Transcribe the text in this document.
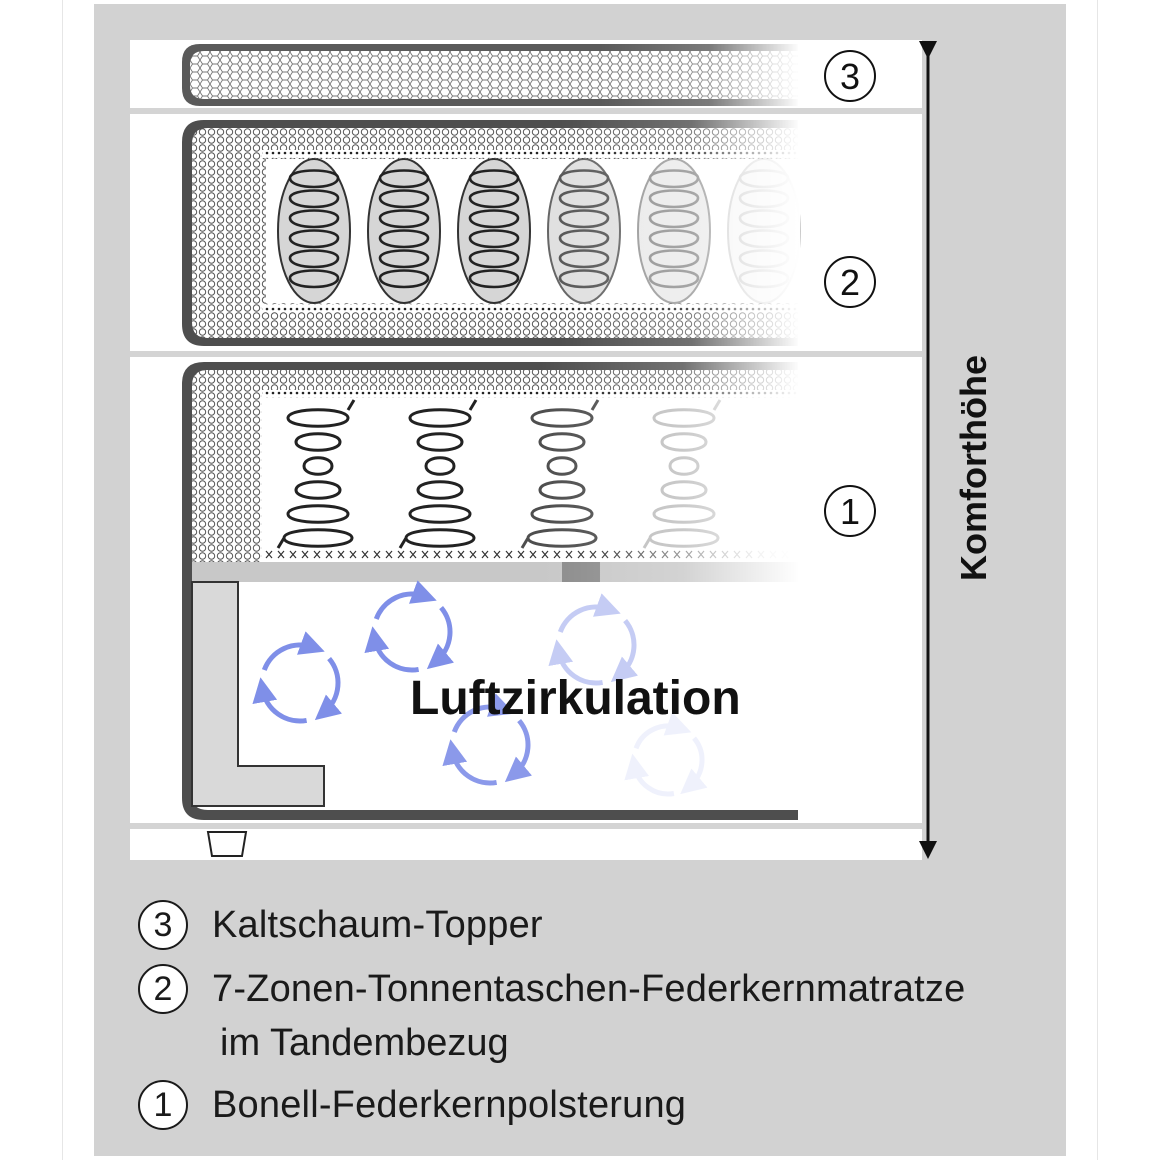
Luftzirkulation
3
2
1	Komforthöhe
3	Kaltschaum-Topper
2	7-Zonen-Tonnentaschen-Federkernmatratze
im Tandembezug
1	Bonell-Federkernpolsterung
